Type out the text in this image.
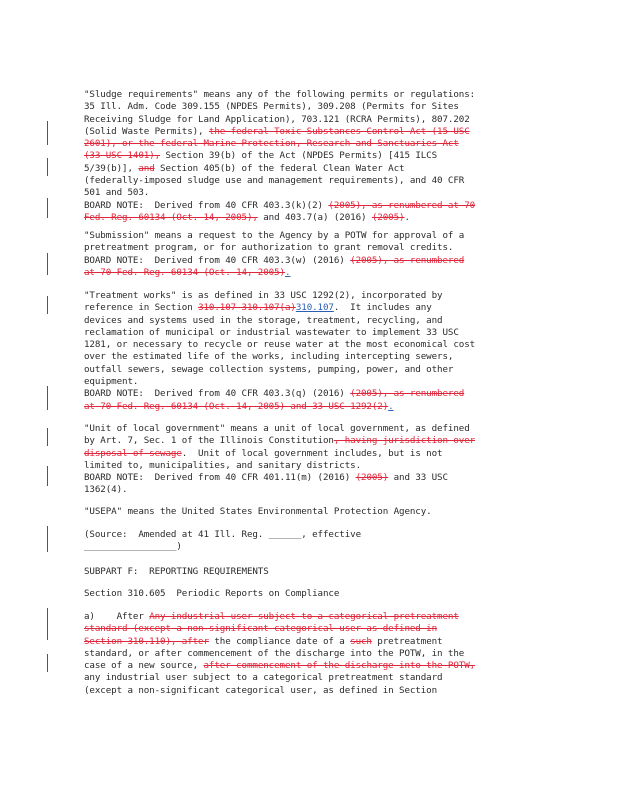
"Sludge requirements" means any of the following permits or regulations:
35 Ill. Adm. Code 309.155 (NPDES Permits), 309.208 (Permits for Sites
Receiving Sludge for Land Application), 703.121 (RCRA Permits), 807.202
(Solid Waste Permits), the federal Toxic Substances Control Act (15 USC
2601), or the federal Marine Protection, Research and Sanctuaries Act
(33 USC 1401), Section 39(b) of the Act (NPDES Permits) [415 ILCS
5/39(b)], and Section 405(b) of the federal Clean Water Act
(federally-imposed sludge use and management requirements), and 40 CFR
501 and 503.
BOARD NOTE:  Derived from 40 CFR 403.3(k)(2) (2005), as renumbered at 70
Fed. Reg. 60134 (Oct. 14, 2005), and 403.7(a) (2016) (2005).
"Submission" means a request to the Agency by a POTW for approval of a
pretreatment program, or for authorization to grant removal credits.
BOARD NOTE:  Derived from 40 CFR 403.3(w) (2016) (2005), as renumbered
at 70 Fed. Reg. 60134 (Oct. 14, 2005).
"Treatment works" is as defined in 33 USC 1292(2), incorporated by
reference in Section 310.107 310.107(a)310.107.  It includes any
devices and systems used in the storage, treatment, recycling, and
reclamation of municipal or industrial wastewater to implement 33 USC
1281, or necessary to recycle or reuse water at the most economical cost
over the estimated life of the works, including intercepting sewers,
outfall sewers, sewage collection systems, pumping, power, and other
equipment.
BOARD NOTE:  Derived from 40 CFR 403.3(q) (2016) (2005), as renumbered
at 70 Fed. Reg. 60134 (Oct. 14, 2005) and 33 USC 1292(2).
"Unit of local government" means a unit of local government, as defined
by Art. 7, Sec. 1 of the Illinois Constitution, having jurisdiction over
disposal of sewage.  Unit of local government includes, but is not
limited to, municipalities, and sanitary districts.
BOARD NOTE:  Derived from 40 CFR 401.11(m) (2016) (2005) and 33 USC
1362(4).
"USEPA" means the United States Environmental Protection Agency.
(Source:  Amended at 41 Ill. Reg. ______, effective
_________________)
SUBPART F:  REPORTING REQUIREMENTS
Section 310.605  Periodic Reports on Compliance
a)    After Any industrial user subject to a categorical pretreatment
standard (except a non-significant categorical user as defined in
Section 310.110), after the compliance date of a such pretreatment
standard, or after commencement of the discharge into the POTW, in the
case of a new source, after commencement of the discharge into the POTW,
any industrial user subject to a categorical pretreatment standard
(except a non-significant categorical user, as defined in Section
